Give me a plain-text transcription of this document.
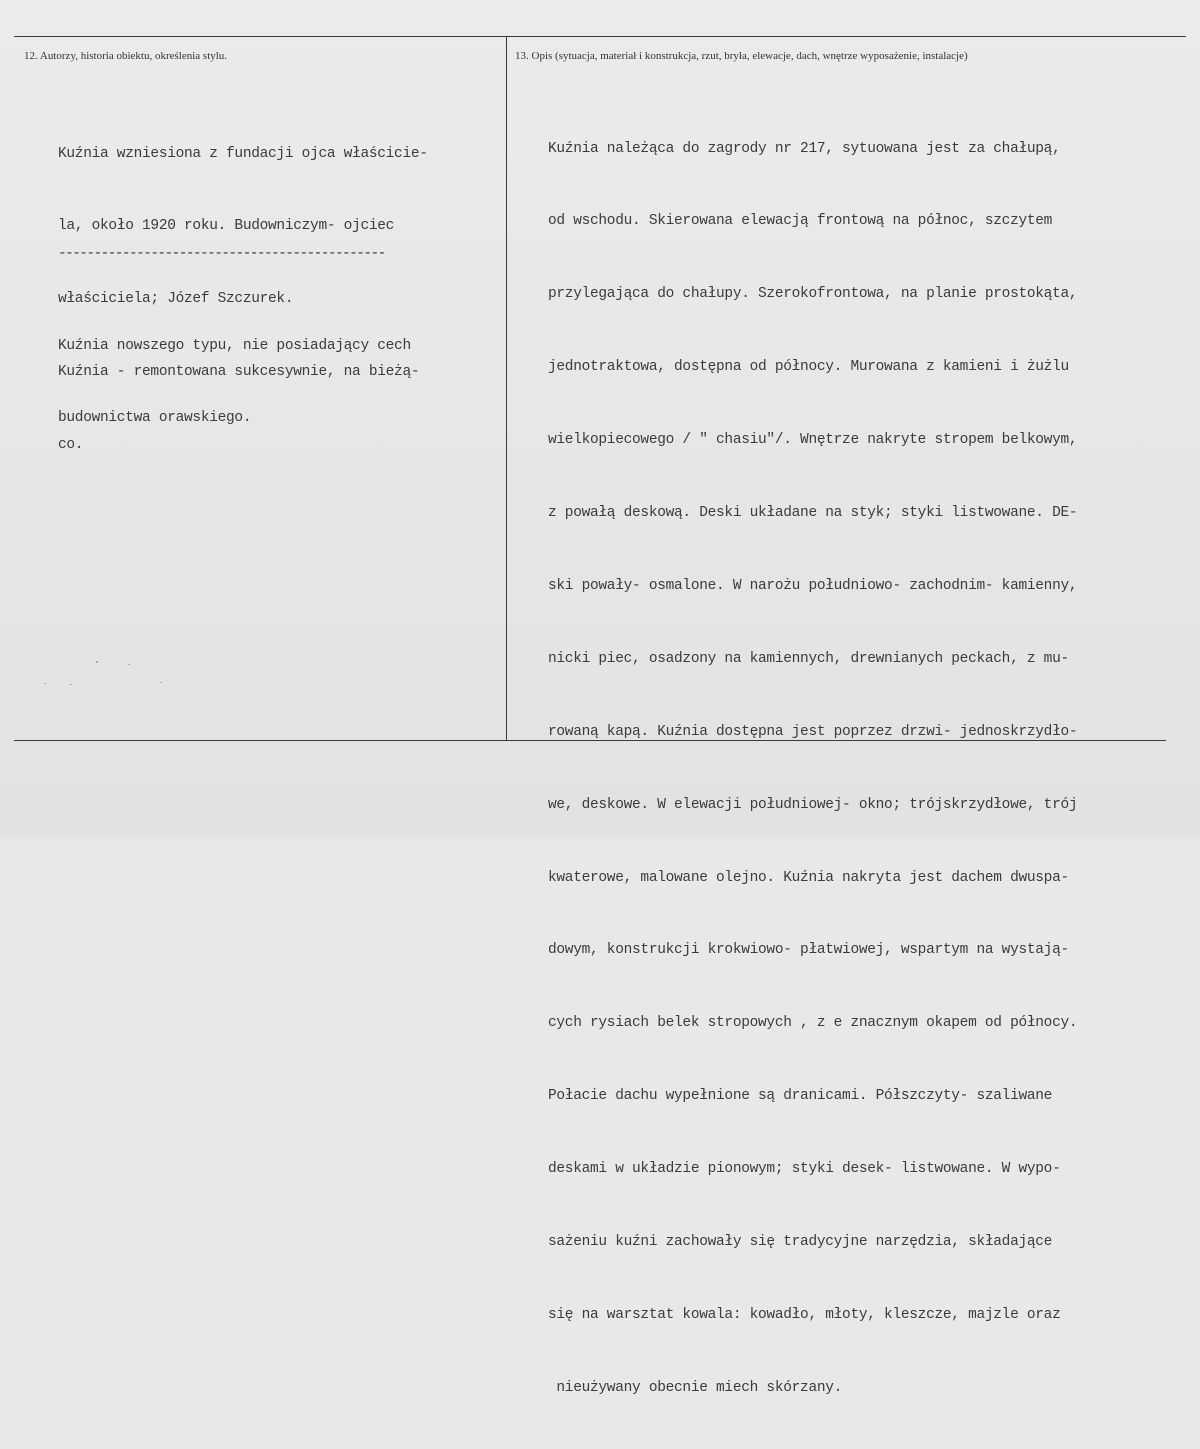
12. Autorzy, historia obiektu, określenia stylu.	13. Opis (sytuacja, materiał i konstrukcja, rzut, bryła, elewacje, dach, wnętrze wyposażenie, instalacje)

Kuźnia wzniesiona z fundacji ojca właścicie-

la, około 1920 roku. Budowniczym- ojciec

właściciela; Józef Szczurek.

Kuźnia - remontowana sukcesywnie, na bieżą-

co.

----------------------------------------------

Kuźnia nowszego typu, nie posiadający cech

budownictwa orawskiego.

Kuźnia należąca do zagrody nr 217, sytuowana jest za chałupą,

od wschodu. Skierowana elewacją frontową na północ, szczytem

przylegająca do chałupy. Szerokofrontowa, na planie prostokąta,

jednotraktowa, dostępna od północy. Murowana z kamieni i żużlu

wielkopiecowego / " chasiu"/. Wnętrze nakryte stropem belkowym,

z powałą deskową. Deski układane na styk; styki listwowane. DE-

ski powały- osmalone. W narożu południowo- zachodnim- kamienny,

nicki piec, osadzony na kamiennych, drewnianych peckach, z mu-

rowaną kapą. Kuźnia dostępna jest poprzez drzwi- jednoskrzydło-

we, deskowe. W elewacji południowej- okno; trójskrzydłowe, trój

kwaterowe, malowane olejno. Kuźnia nakryta jest dachem dwuspa-

dowym, konstrukcji krokwiowo- płatwiowej, wspartym na wystają-

cych rysiach belek stropowych , z e znacznym okapem od północy.

Połacie dachu wypełnione są dranicami. Półszczyty- szaliwane

deskami w układzie pionowym; styki desek- listwowane. W wypo-

sażeniu kuźni zachowały się tradycyjne narzędzia, składające

się na warsztat kowala: kowadło, młoty, kleszcze, majzle oraz

nieużywany obecnie miech skórzany.
